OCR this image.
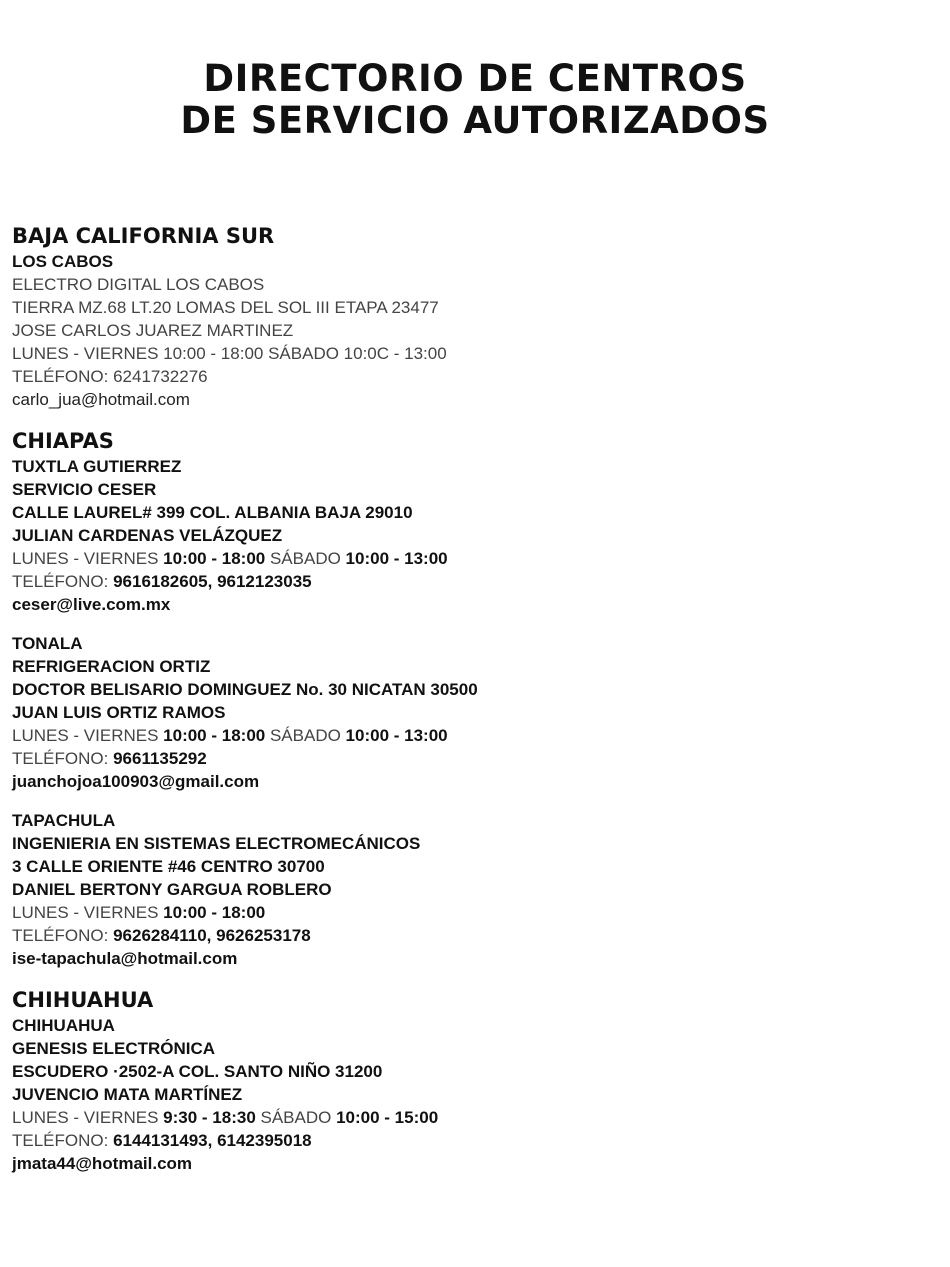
DIRECTORIO DE CENTROS
DE SERVICIO AUTORIZADOS
BAJA CALIFORNIA SUR
LOS CABOS
ELECTRO DIGITAL LOS CABOS
TIERRA MZ.68 LT.20 LOMAS DEL SOL III ETAPA 23477
JOSE CARLOS JUAREZ MARTINEZ
LUNES - VIERNES 10:00 - 18:00 SÁBADO 10:0C - 13:00
TELÉFONO: 6241732276
carlo_jua@hotmail.com
CHIAPAS
TUXTLA GUTIERREZ
SERVICIO CESER
CALLE LAUREL# 399 COL. ALBANIA BAJA 29010
JULIAN CARDENAS VELÁZQUEZ
LUNES - VIERNES 10:00 - 18:00 SÁBADO 10:00 - 13:00
TELÉFONO: 9616182605, 9612123035
ceser@live.com.mx
TONALA
REFRIGERACION ORTIZ
DOCTOR BELISARIO DOMINGUEZ No. 30 NICATAN 30500
JUAN LUIS ORTIZ RAMOS
LUNES - VIERNES 10:00 - 18:00 SÁBADO 10:00 - 13:00
TELÉFONO: 9661135292
juanchojoa100903@gmail.com
TAPACHULA
INGENIERIA EN SISTEMAS ELECTROMECÁNICOS
3 CALLE ORIENTE #46 CENTRO 30700
DANIEL BERTONY GARGUA ROBLERO
LUNES - VIERNES 10:00 - 18:00
TELÉFONO: 9626284110, 9626253178
ise-tapachula@hotmail.com
CHIHUAHUA
CHIHUAHUA
GENESIS ELECTRÓNICA
ESCUDERO ·2502-A COL. SANTO NIÑO 31200
JUVENCIO MATA MARTÍNEZ
LUNES - VIERNES 9:30 - 18:30 SÁBADO 10:00 - 15:00
TELÉFONO: 6144131493, 6142395018
jmata44@hotmail.com
